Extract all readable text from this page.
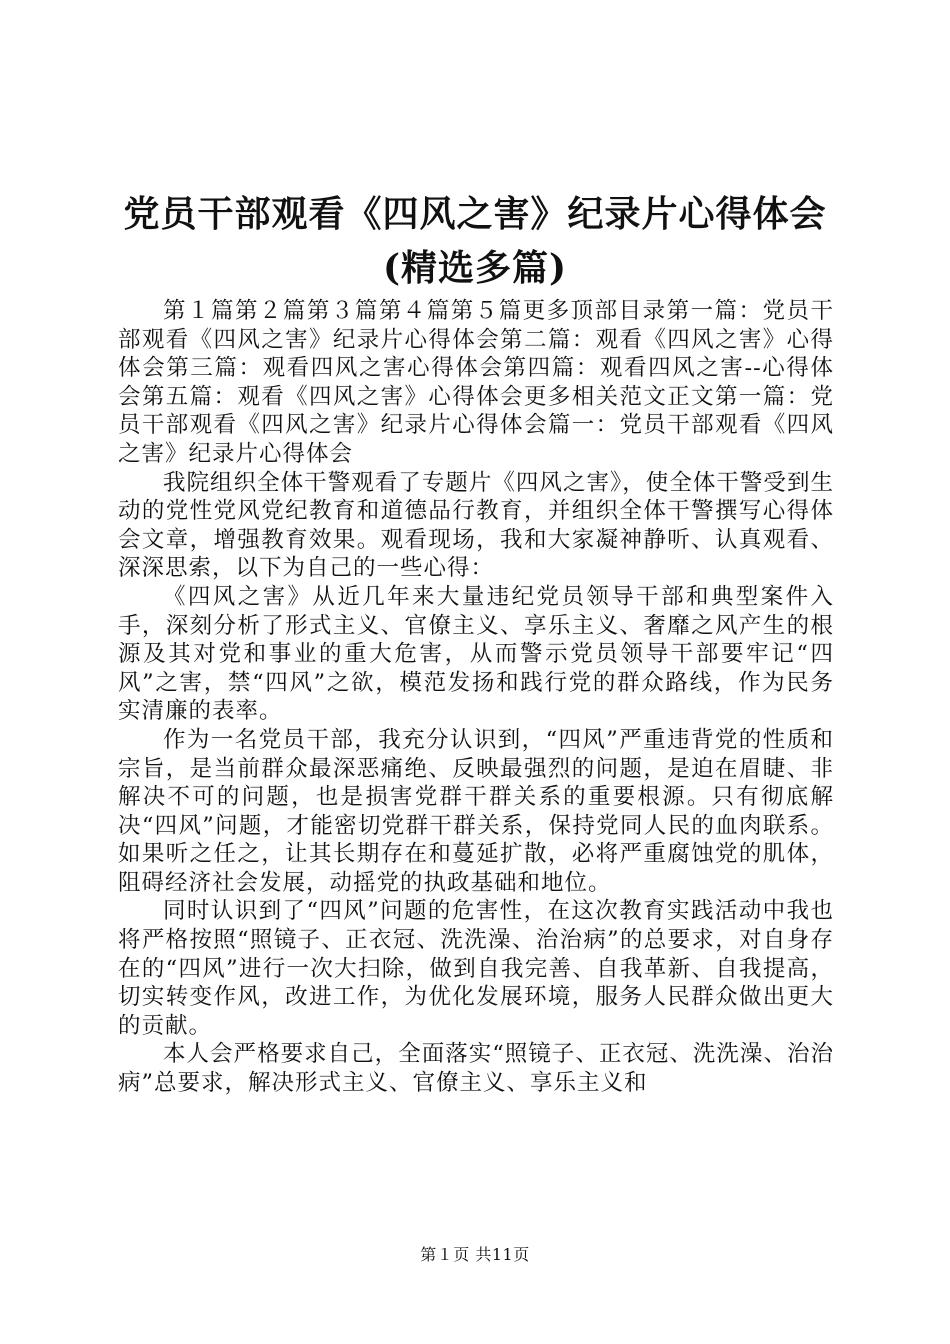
党员干部观看《四风之害》纪录片心得体会
(精选多篇)

第１篇第２篇第３篇第４篇第５篇更多顶部目录第一篇：党员干部观看《四风之害》纪录片心得体会第二篇：观看《四风之害》心得体会第三篇：观看四风之害心得体会第四篇：观看四风之害--心得体会第五篇：观看《四风之害》心得体会更多相关范文正文第一篇：党员干部观看《四风之害》纪录片心得体会篇一：党员干部观看《四风之害》纪录片心得体会

我院组织全体干警观看了专题片《四风之害》，使全体干警受到生动的党性党风党纪教育和道德品行教育，并组织全体干警撰写心得体会文章，增强教育效果。观看现场，我和大家凝神静听、认真观看、深深思索，以下为自己的一些心得：

《四风之害》从近几年来大量违纪党员领导干部和典型案件入手，深刻分析了形式主义、官僚主义、享乐主义、奢靡之风产生的根源及其对党和事业的重大危害，从而警示党员领导干部要牢记“四风”之害，禁“四风”之欲，模范发扬和践行党的群众路线，作为民务实清廉的表率。

作为一名党员干部，我充分认识到，“四风”严重违背党的性质和宗旨，是当前群众最深恶痛绝、反映最强烈的问题，是迫在眉睫、非解决不可的问题，也是损害党群干群关系的重要根源。只有彻底解决“四风”问题，才能密切党群干群关系，保持党同人民的血肉联系。如果听之任之，让其长期存在和蔓延扩散，必将严重腐蚀党的肌体，阻碍经济社会发展，动摇党的执政基础和地位。

同时认识到了“四风”问题的危害性，在这次教育实践活动中我也将严格按照“照镜子、正衣冠、洗洗澡、治治病”的总要求，对自身存在的“四风”进行一次大扫除，做到自我完善、自我革新、自我提高，切实转变作风，改进工作，为优化发展环境，服务人民群众做出更大的贡献。

本人会严格要求自己，全面落实“照镜子、正衣冠、洗洗澡、治治病”总要求，解决形式主义、官僚主义、享乐主义和

第１页 共11页
